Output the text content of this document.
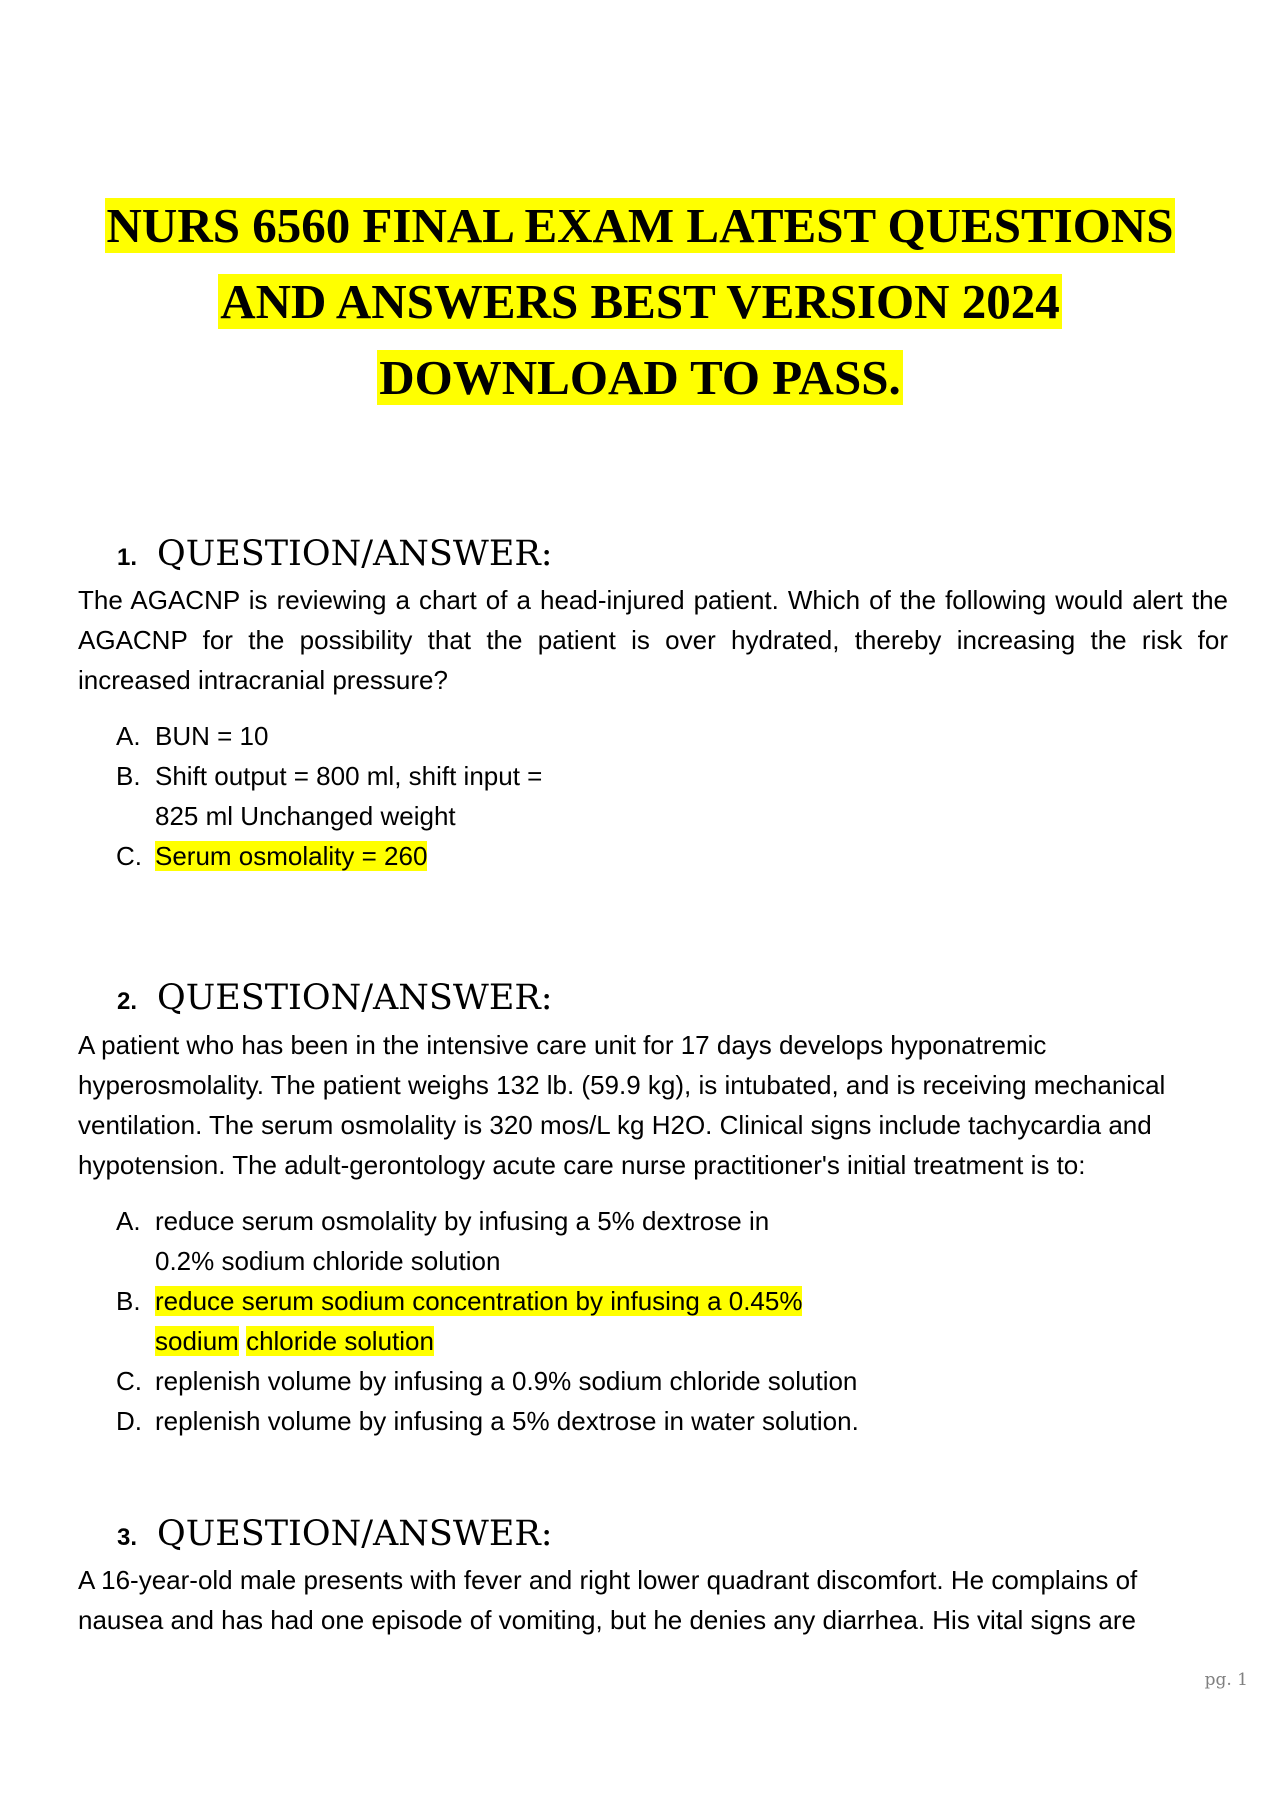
NURS 6560 FINAL EXAM LATEST QUESTIONS
AND ANSWERS BEST VERSION 2024
DOWNLOAD TO PASS.
1. QUESTION/ANSWER:
The AGACNP is reviewing a chart of a head-injured patient. Which of the following would alert the AGACNP for the possibility that the patient is over hydrated, thereby increasing the risk for increased intracranial pressure?
A. BUN = 10
B. Shift output = 800 ml, shift input =
825 ml Unchanged weight
C. Serum osmolality = 260
2. QUESTION/ANSWER:
A patient who has been in the intensive care unit for 17 days develops hyponatremic hyperosmolality. The patient weighs 132 lb. (59.9 kg), is intubated, and is receiving mechanical ventilation. The serum osmolality is 320 mos/L kg H2O. Clinical signs include tachycardia and hypotension. The adult-gerontology acute care nurse practitioner's initial treatment is to:
A. reduce serum osmolality by infusing a 5% dextrose in
0.2% sodium chloride solution
B. reduce serum sodium concentration by infusing a 0.45%
sodium chloride solution
C. replenish volume by infusing a 0.9% sodium chloride solution
D. replenish volume by infusing a 5% dextrose in water solution.
3. QUESTION/ANSWER:
A 16-year-old male presents with fever and right lower quadrant discomfort. He complains of
nausea and has had one episode of vomiting, but he denies any diarrhea. His vital signs are
pg. 1
